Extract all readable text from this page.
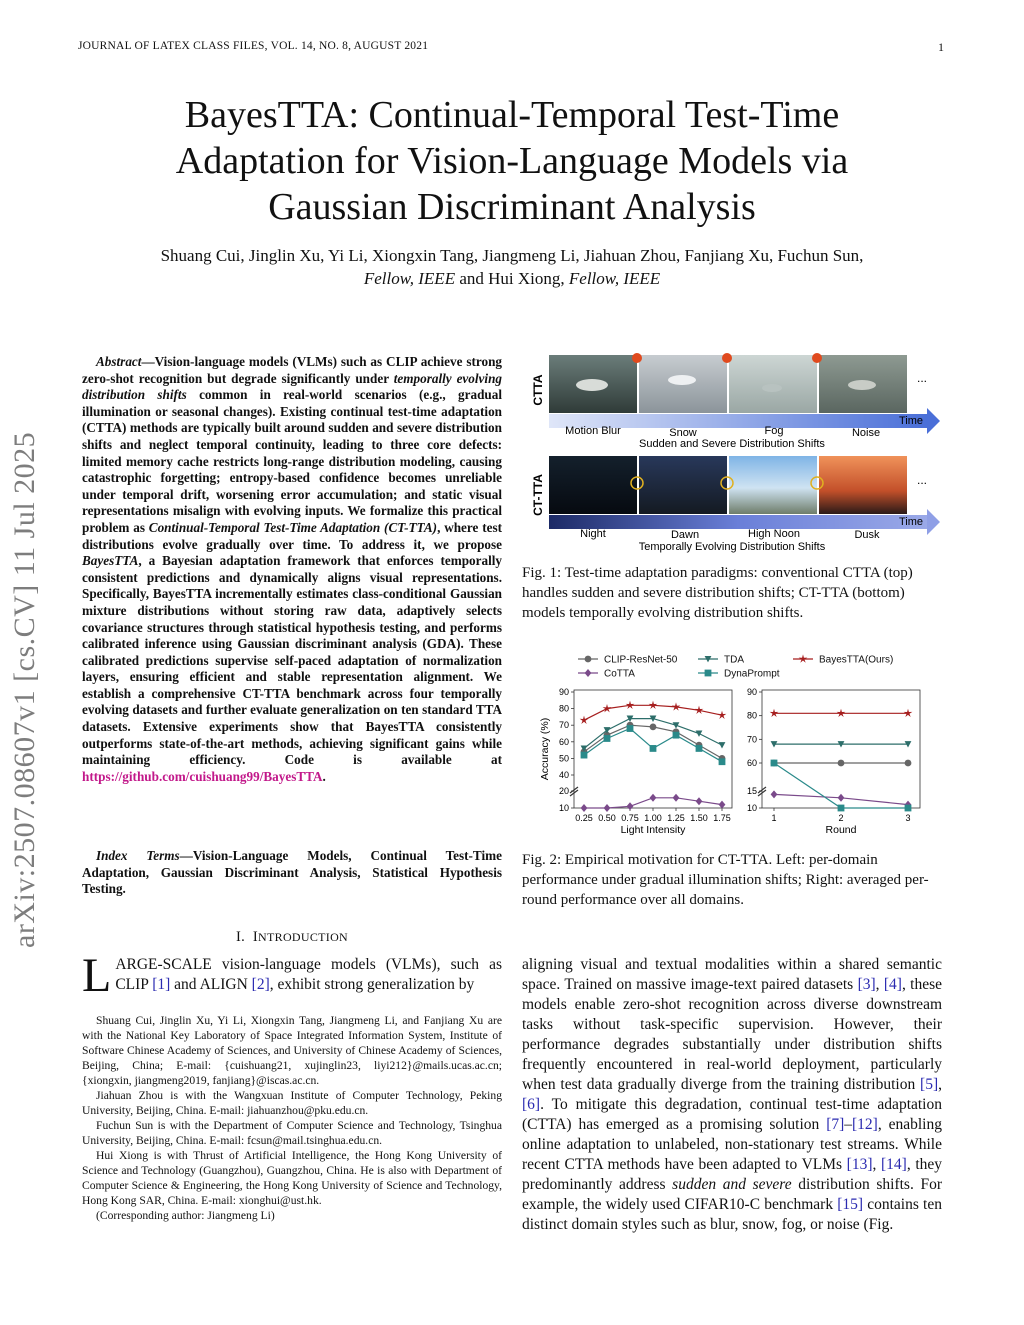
JOURNAL OF LATEX CLASS FILES, VOL. 14, NO. 8, AUGUST 2021	1
arXiv:2507.08607v1 [cs.CV] 11 Jul 2025
BayesTTA: Continual-Temporal Test-Time
Adaptation for Vision-Language Models via
Gaussian Discriminant Analysis
Shuang Cui, Jinglin Xu, Yi Li, Xiongxin Tang, Jiangmeng Li, Jiahuan Zhou, Fanjiang Xu, Fuchun Sun,
Fellow, IEEE and Hui Xiong, Fellow, IEEE
Abstract—Vision-language models (VLMs) such as CLIP achieve strong zero-shot recognition but degrade significantly under temporally evolving distribution shifts common in real-world scenarios (e.g., gradual illumination or seasonal changes). Existing continual test-time adaptation (CTTA) methods are typically built around sudden and severe distribution shifts and neglect temporal continuity, leading to three core defects: limited memory cache restricts long-range distribution modeling, causing catastrophic forgetting; entropy-based confidence becomes unreliable under temporal drift, worsening error accumulation; and static visual representations misalign with evolving inputs. We formalize this practical problem as Continual-Temporal Test-Time Adaptation (CT-TTA), where test distributions evolve gradually over time. To address it, we propose BayesTTA, a Bayesian adaptation framework that enforces temporally consistent predictions and dynamically aligns visual representations. Specifically, BayesTTA incrementally estimates class-conditional Gaussian mixture distributions without storing raw data, adaptively selects covariance structures through statistical hypothesis testing, and performs calibrated inference using Gaussian discriminant analysis (GDA). These calibrated predictions supervise self-paced adaptation of normalization layers, ensuring efficient and stable representation alignment. We establish a comprehensive CT-TTA benchmark across four temporally evolving datasets and further evaluate generalization on ten standard TTA datasets. Extensive experiments show that BayesTTA consistently outperforms state-of-the-art methods, achieving significant gains while maintaining efficiency. Code is available at https://github.com/cuishuang99/BayesTTA.
Index Terms—Vision-Language Models, Continual Test-Time Adaptation, Gaussian Discriminant Analysis, Statistical Hypothesis Testing.
I. INTRODUCTION
LARGE-SCALE vision-language models (VLMs), such as CLIP [1] and ALIGN [2], exhibit strong generalization by

Shuang Cui, Jinglin Xu, Yi Li, Xiongxin Tang, Jiangmeng Li, and Fanjiang Xu are with the National Key Laboratory of Space Integrated Information System, Institute of Software Chinese Academy of Sciences, and University of Chinese Academy of Sciences, Beijing, China; E-mail: {cuishuang21, xujinglin23, liyi212}@mails.ucas.ac.cn; {xiongxin, jiangmeng2019, fanjiang}@iscas.ac.cn.

Jiahuan Zhou is with the Wangxuan Institute of Computer Technology, Peking University, Beijing, China. E-mail: jiahuanzhou@pku.edu.cn.

Fuchun Sun is with the Department of Computer Science and Technology, Tsinghua University, Beijing, China. E-mail: fcsun@mail.tsinghua.edu.cn.

Hui Xiong is with Thrust of Artificial Intelligence, the Hong Kong University of Science and Technology (Guangzhou), Guangzhou, China. He is also with Department of Computer Science & Engineering, the Hong Kong University of Science and Technology, Hong Kong SAR, China. E-mail: xionghui@ust.hk.

(Corresponding author: Jiangmeng Li)

CTTA
CT-TTA
...
Time
Motion Blur	Snow	Fog	Noise
Sudden and Severe Distribution Shifts
...
Time
Night	Dawn	High Noon	Dusk
Temporally Evolving Distribution Shifts
Fig. 1: Test-time adaptation paradigms: conventional CTTA (top) handles sudden and severe distribution shifts; CT-TTA (bottom) models temporally evolving distribution shifts.
CLIP-ResNet-50	TDA	BayesTTA(Ours)
CoTTA	DynaPrompt
10
20
40
50
60
70
80
90
0.25 0.50 0.75 1.00 1.25 1.50 1.75
Light Intensity
Accuracy (%)
10
15
60
70
80
90
1	2	3
Round
Fig. 2: Empirical motivation for CT-TTA. Left: per-domain performance under gradual illumination shifts; Right: averaged per-round performance over all domains.
aligning visual and textual modalities within a shared semantic space. Trained on massive image-text paired datasets [3], [4], these models enable zero-shot recognition across diverse downstream tasks without task-specific supervision. However, their performance degrades substantially under distribution shifts frequently encountered in real-world deployment, particularly when test data gradually diverge from the training distribution [5], [6]. To mitigate this degradation, continual test-time adaptation (CTTA) has emerged as a promising solution [7]–[12], enabling online adaptation to unlabeled, non-stationary test streams. While recent CTTA methods have been adapted to VLMs [13], [14], they predominantly address sudden and severe distribution shifts. For example, the widely used CIFAR10-C benchmark [15] contains ten distinct domain styles such as blur, snow, fog, or noise (Fig.
